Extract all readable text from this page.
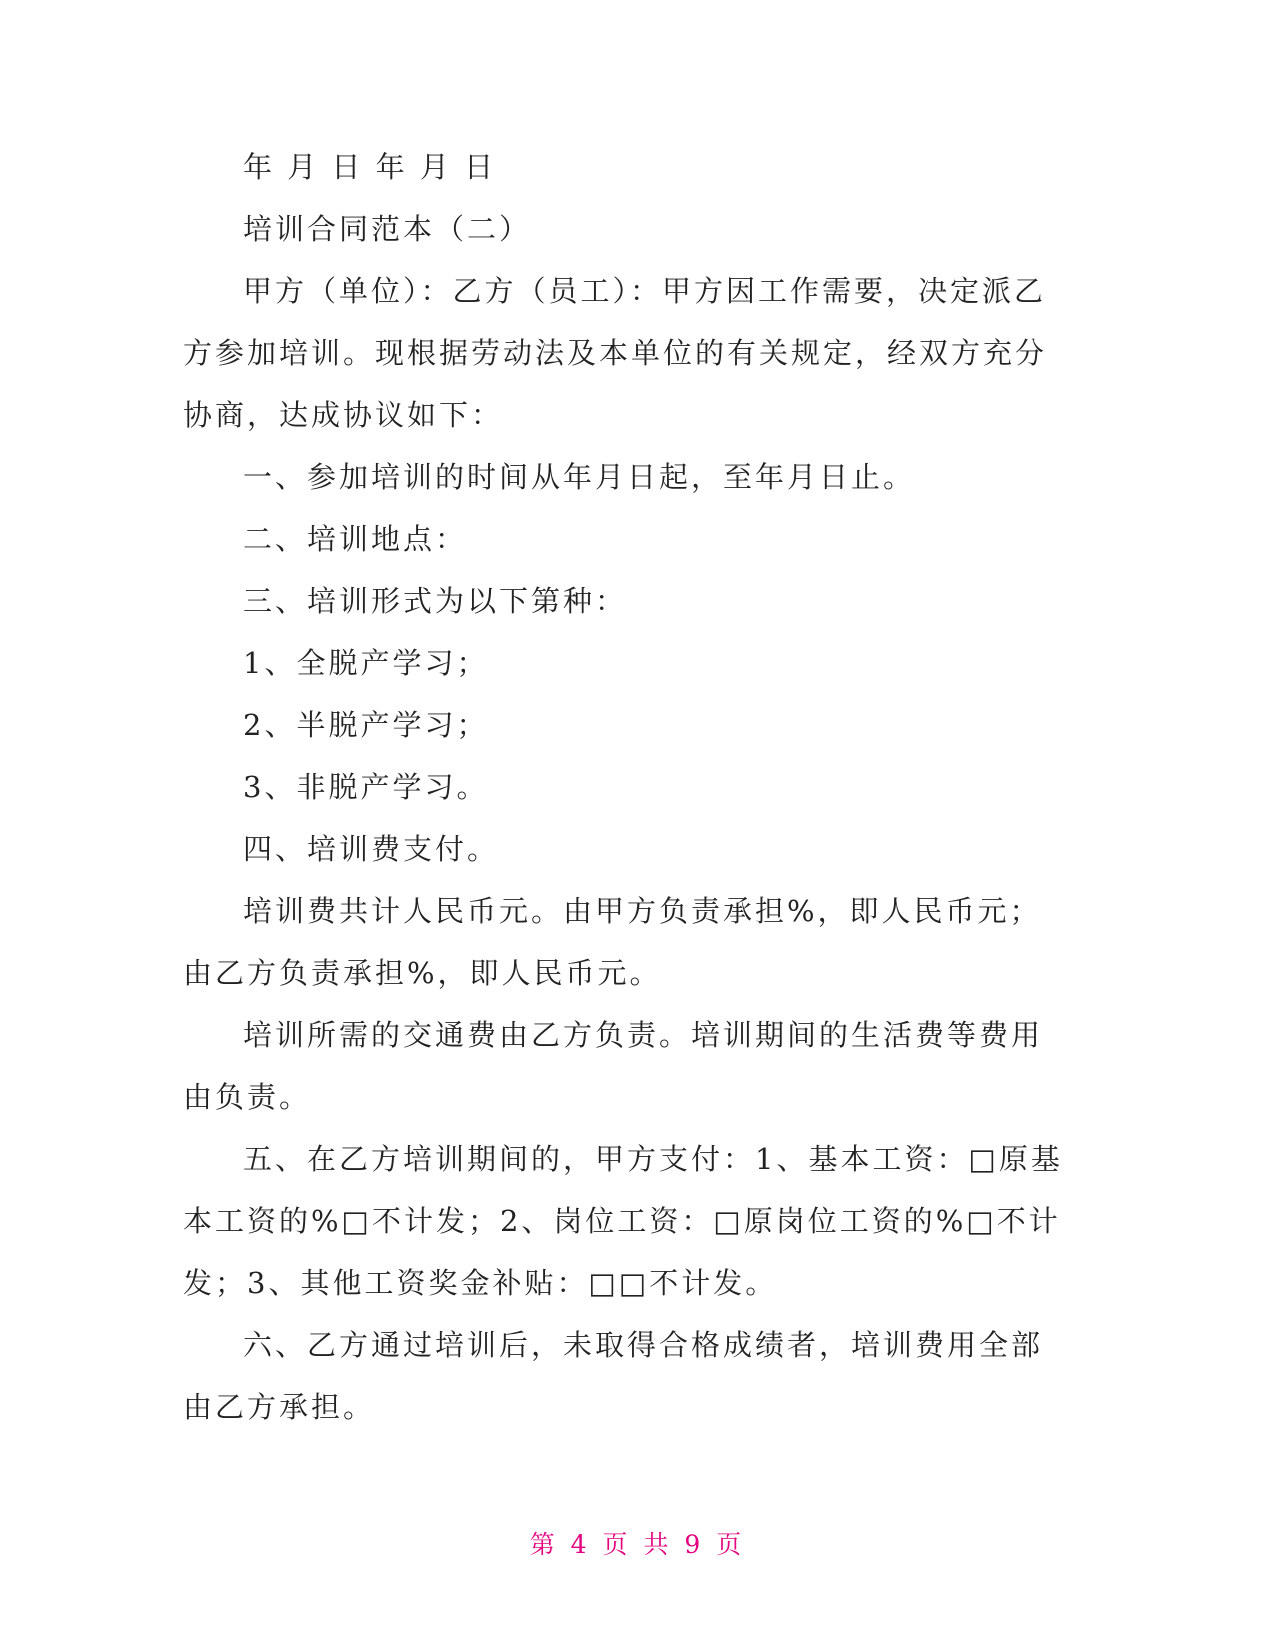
年 月 日 年 月 日

培训合同范本（二）

甲方（单位）：乙方（员工）：甲方因工作需要，决定派乙方参加培训。现根据劳动法及本单位的有关规定，经双方充分协商，达成协议如下：

一、参加培训的时间从年月日起，至年月日止。

二、培训地点：

三、培训形式为以下第种：

1、全脱产学习；

2、半脱产学习；

3、非脱产学习。

四、培训费支付。

培训费共计人民币元。由甲方负责承担%，即人民币元；由乙方负责承担%，即人民币元。

培训所需的交通费由乙方负责。培训期间的生活费等费用由负责。

五、在乙方培训期间的，甲方支付：1、基本工资：□原基本工资的%□不计发；2、岗位工资：□原岗位工资的%□不计发；3、其他工资奖金补贴：□□不计发。

六、乙方通过培训后，未取得合格成绩者，培训费用全部由乙方承担。

第 4 页 共 9 页
